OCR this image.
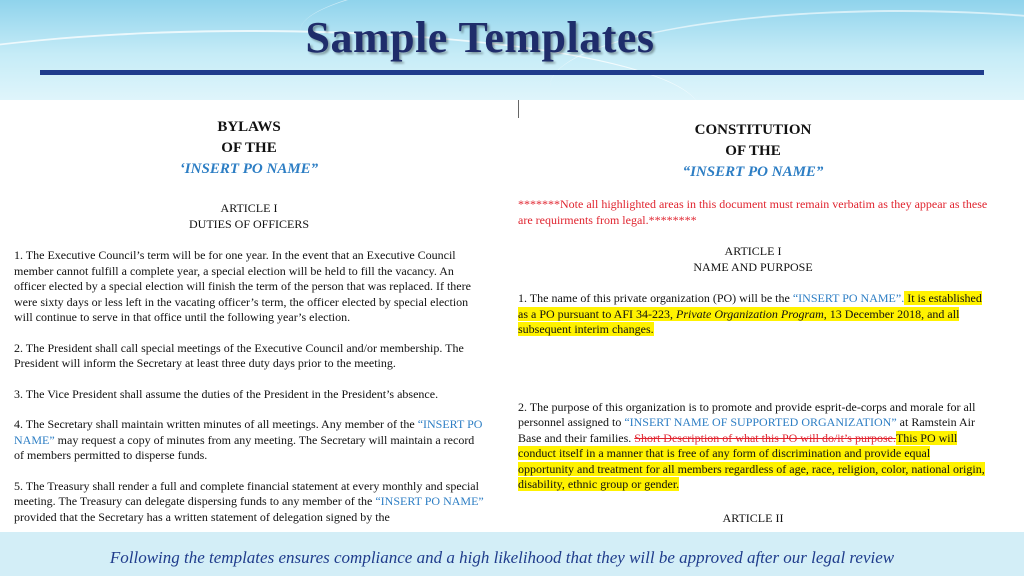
Sample Templates

BYLAWS

OF THE

‘INSERT PO NAME”

ARTICLE I

DUTIES OF OFFICERS

1. The Executive Council’s term will be for one year. In the event that an Executive Council member cannot fulfill a complete year, a special election will be held to fill the vacancy. An officer elected by a special election will finish the term of the person that was replaced. If there were sixty days or less left in the vacating officer’s term, the officer elected by special election will continue to serve in that office until the following year’s election.

2. The President shall call special meetings of the Executive Council and/or membership. The President will inform the Secretary at least three duty days prior to the meeting.

3. The Vice President shall assume the duties of the President in the President’s absence.

4. The Secretary shall maintain written minutes of all meetings. Any member of the “INSERT PO NAME” may request a copy of minutes from any meeting. The Secretary will maintain a record of members permitted to disperse funds.

5. The Treasury shall render a full and complete financial statement at every monthly and special meeting. The Treasury can delegate dispersing funds to any member of the “INSERT PO NAME” provided that the Secretary has a written statement of delegation signed by the

CONSTITUTION

OF THE

“INSERT PO NAME”

*******Note all highlighted areas in this document must remain verbatim as they appear as these are requirments from legal.********

ARTICLE I

NAME AND PURPOSE

1. The name of this private organization (PO) will be the “INSERT PO NAME”. It is established as a PO pursuant to AFI 34-223, Private Organization Program, 13 December 2018, and all subsequent interim changes.

2. The purpose of this organization is to promote and provide esprit-de-corps and morale for all personnel assigned to “INSERT NAME OF SUPPORTED ORGANIZATION” at Ramstein Air Base and their families. Short Description of what this PO will do/it’s purpose.This PO will conduct itself in a manner that is free of any form of discrimination and provide equal opportunity and treatment for all members regardless of age, race, religion, color, national origin, disability, ethnic group or gender.

ARTICLE II

Following the templates ensures compliance and a high likelihood that they will be approved after our legal review
